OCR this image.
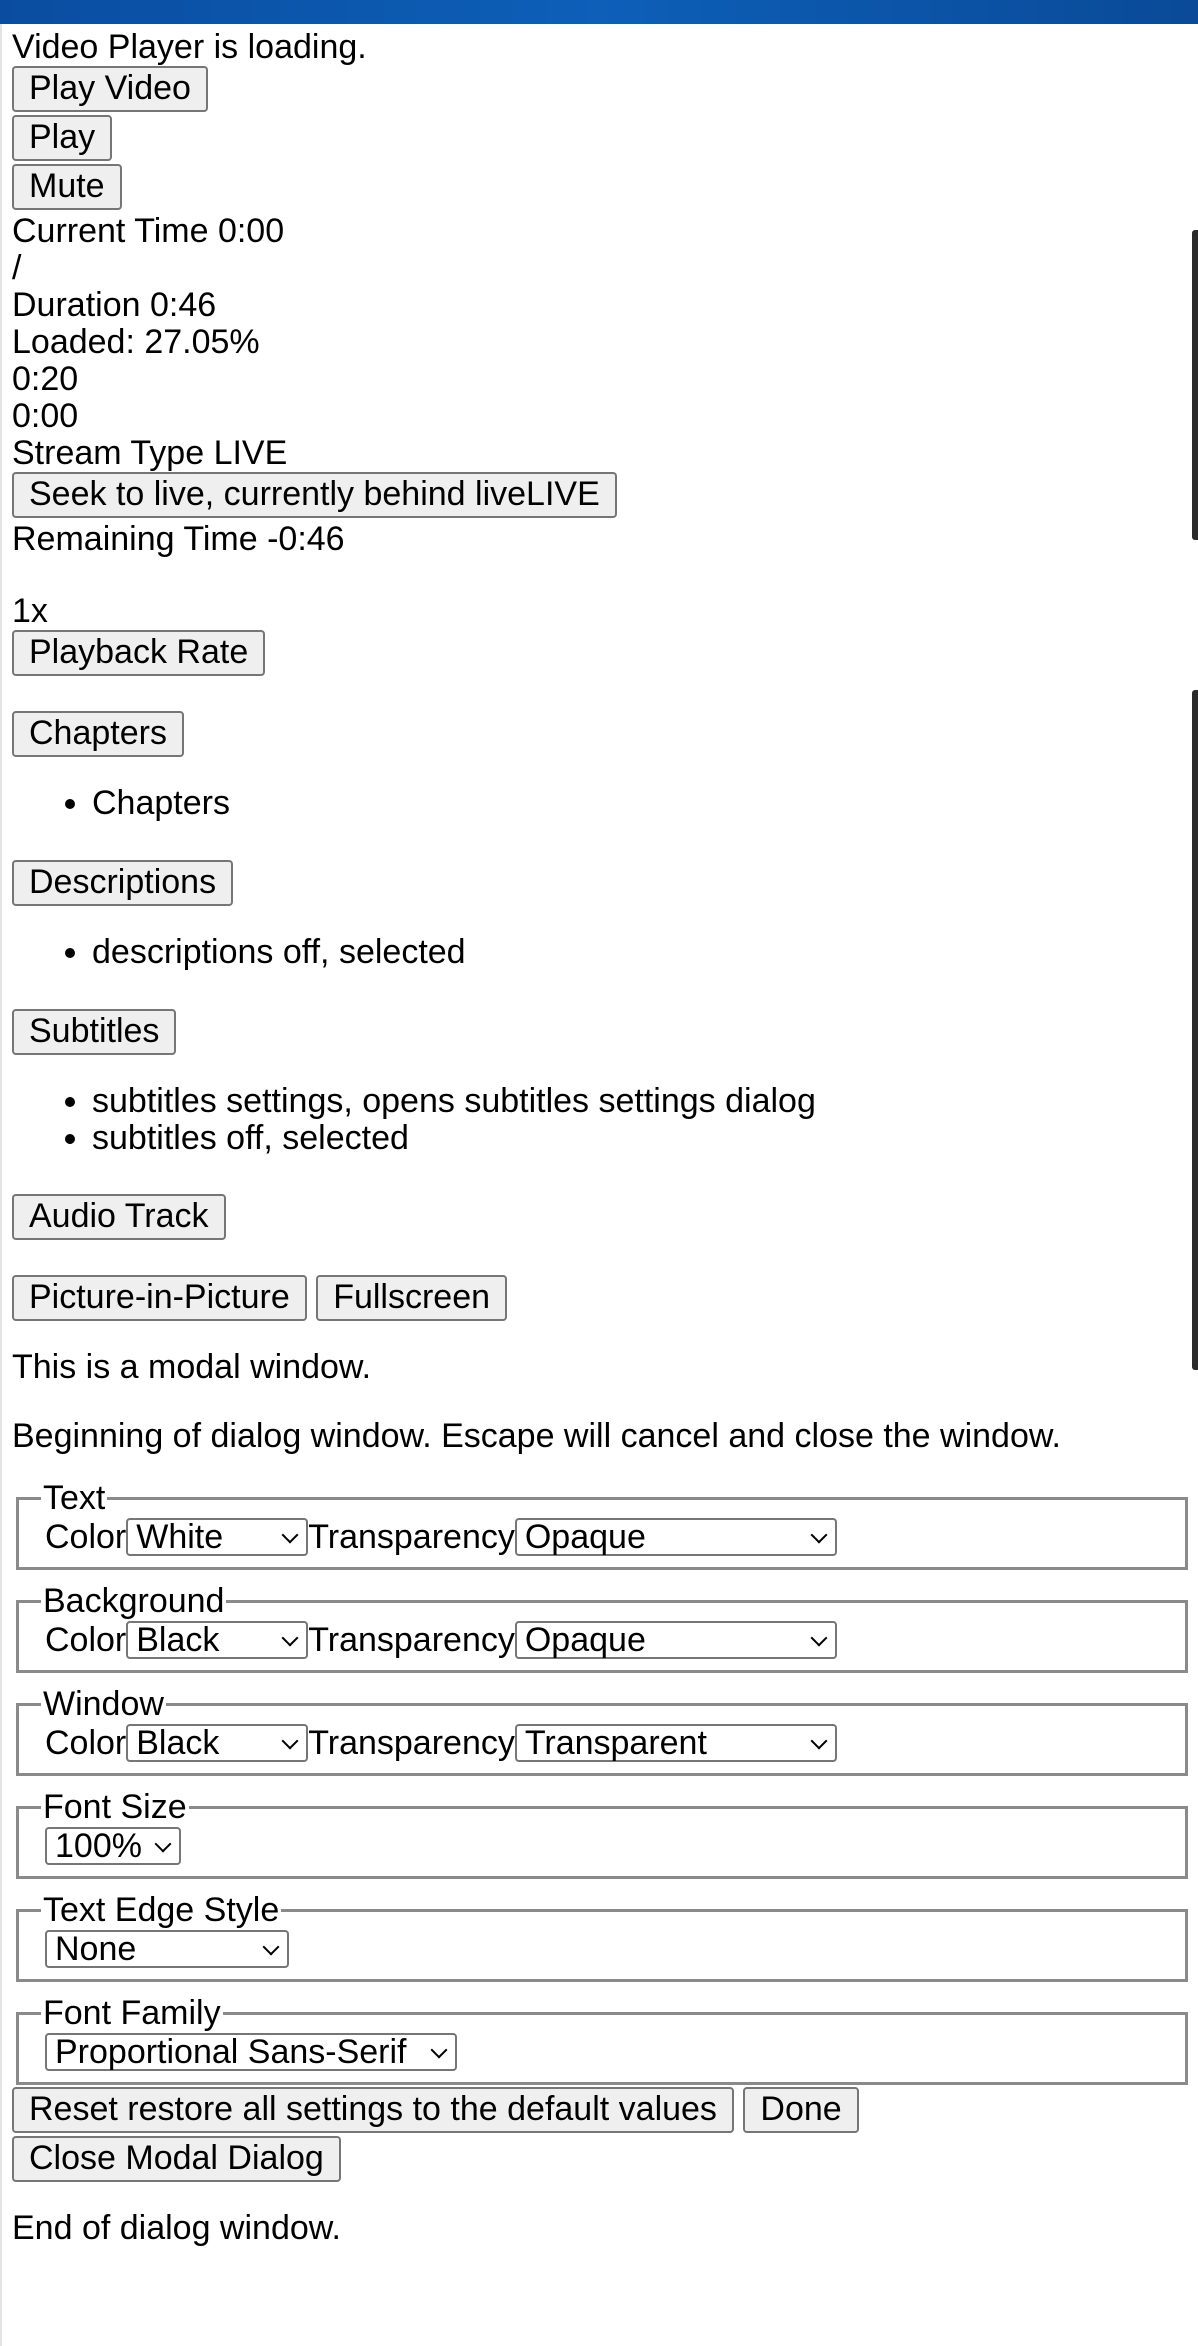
Video Player is loading.
Play Video
Play
Mute
Current Time 0:00
/
Duration 0:46
Loaded: 27.05%
0:20
0:00
Stream Type LIVE
Seek to live, currently behind liveLIVE
Remaining Time -0:46
1x
Playback Rate
Chapters
• Chapters
Descriptions
• descriptions off, selected
Subtitles
• subtitles settings, opens subtitles settings dialog
• subtitles off, selected
Audio Track
Picture-in-Picture Fullscreen
This is a modal window.
Beginning of dialog window. Escape will cancel and close the window.
Text
Color White	Transparency Opaque
Background
Color Black	Transparency Opaque
Window
Color Black	Transparency Transparent
Font Size
100%
Text Edge Style
None
Font Family
Proportional Sans-Serif
Reset restore all settings to the default values Done
Close Modal Dialog
End of dialog window.
